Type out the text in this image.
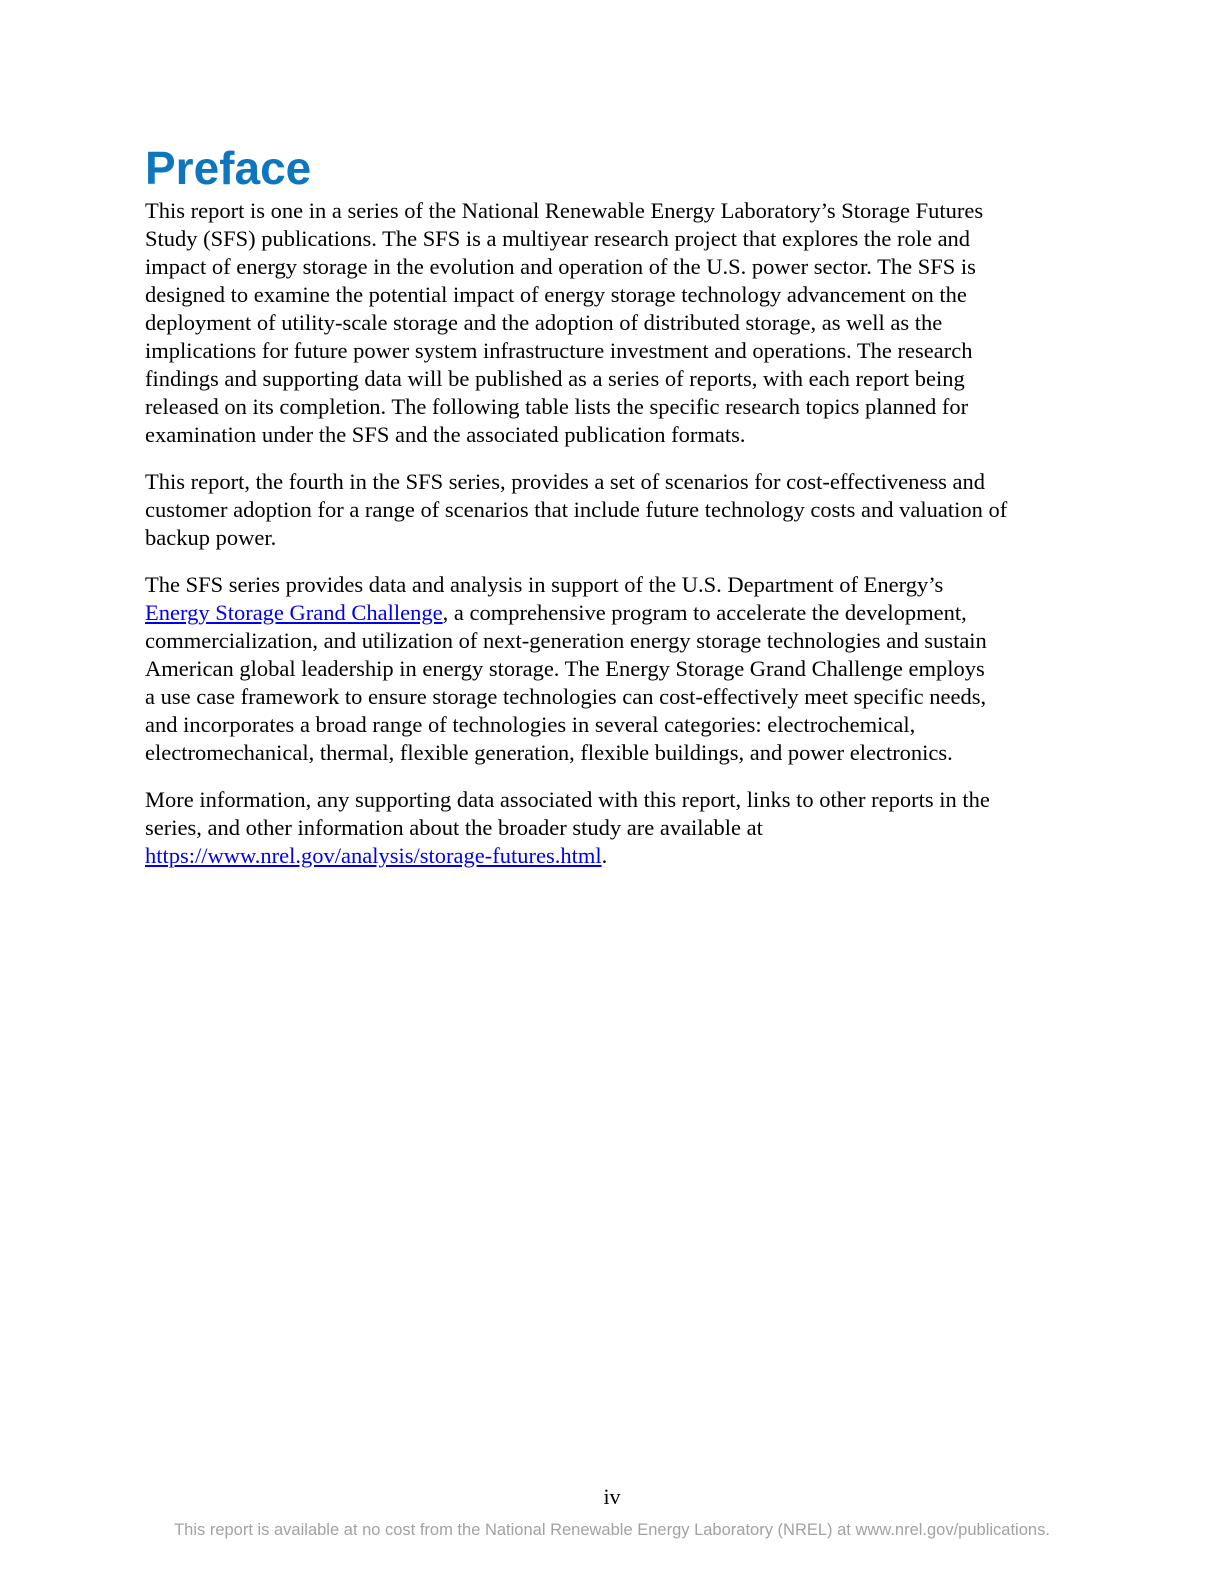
Preface
This report is one in a series of the National Renewable Energy Laboratory’s Storage Futures
Study (SFS) publications. The SFS is a multiyear research project that explores the role and
impact of energy storage in the evolution and operation of the U.S. power sector. The SFS is
designed to examine the potential impact of energy storage technology advancement on the
deployment of utility-scale storage and the adoption of distributed storage, as well as the
implications for future power system infrastructure investment and operations. The research
findings and supporting data will be published as a series of reports, with each report being
released on its completion. The following table lists the specific research topics planned for
examination under the SFS and the associated publication formats.
This report, the fourth in the SFS series, provides a set of scenarios for cost-effectiveness and
customer adoption for a range of scenarios that include future technology costs and valuation of
backup power.
The SFS series provides data and analysis in support of the U.S. Department of Energy’s
Energy Storage Grand Challenge, a comprehensive program to accelerate the development,
commercialization, and utilization of next-generation energy storage technologies and sustain
American global leadership in energy storage. The Energy Storage Grand Challenge employs
a use case framework to ensure storage technologies can cost-effectively meet specific needs,
and incorporates a broad range of technologies in several categories: electrochemical,
electromechanical, thermal, flexible generation, flexible buildings, and power electronics.
More information, any supporting data associated with this report, links to other reports in the
series, and other information about the broader study are available at
https://www.nrel.gov/analysis/storage-futures.html.
iv
This report is available at no cost from the National Renewable Energy Laboratory (NREL) at www.nrel.gov/publications.
